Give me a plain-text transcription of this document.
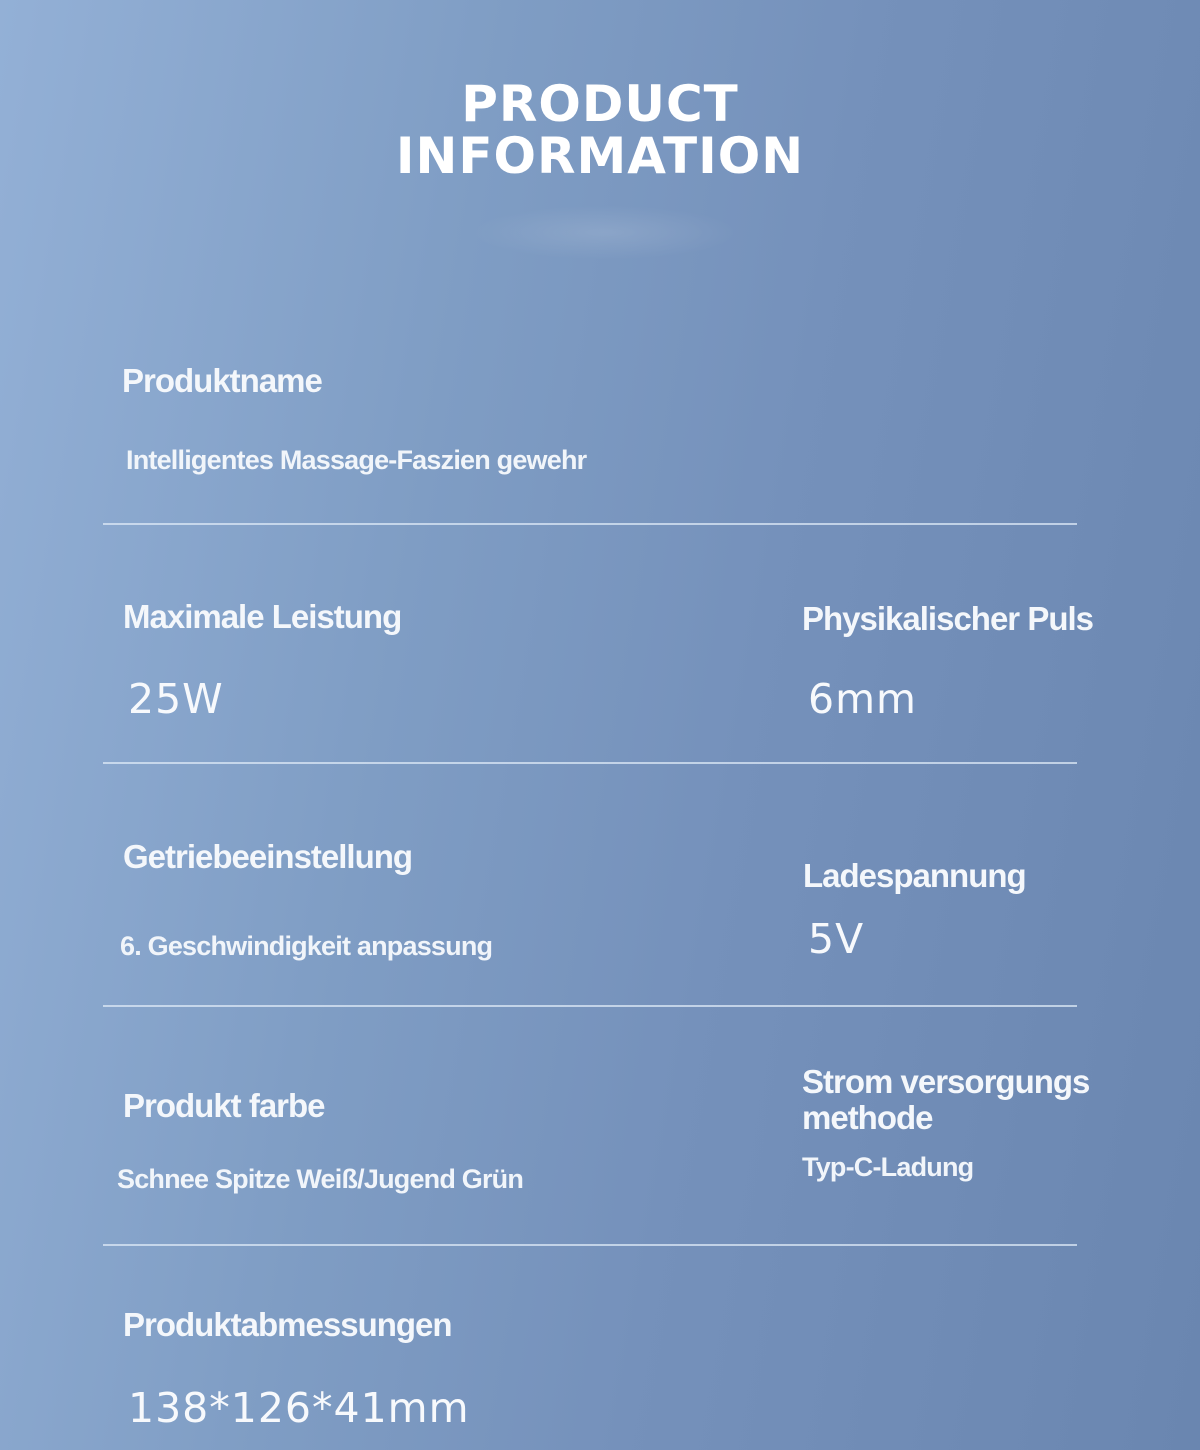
PRODUCT
INFORMATION
Produktname
Intelligentes Massage-Faszien gewehr
Maximale Leistung
25W
Physikalischer Puls
6mm
Getriebeeinstellung
6. Geschwindigkeit anpassung
Ladespannung
5V
Produkt farbe
Schnee Spitze Weiß/Jugend Grün
Strom versorgungs methode
Typ-C-Ladung
Produktabmessungen
138*126*41mm
